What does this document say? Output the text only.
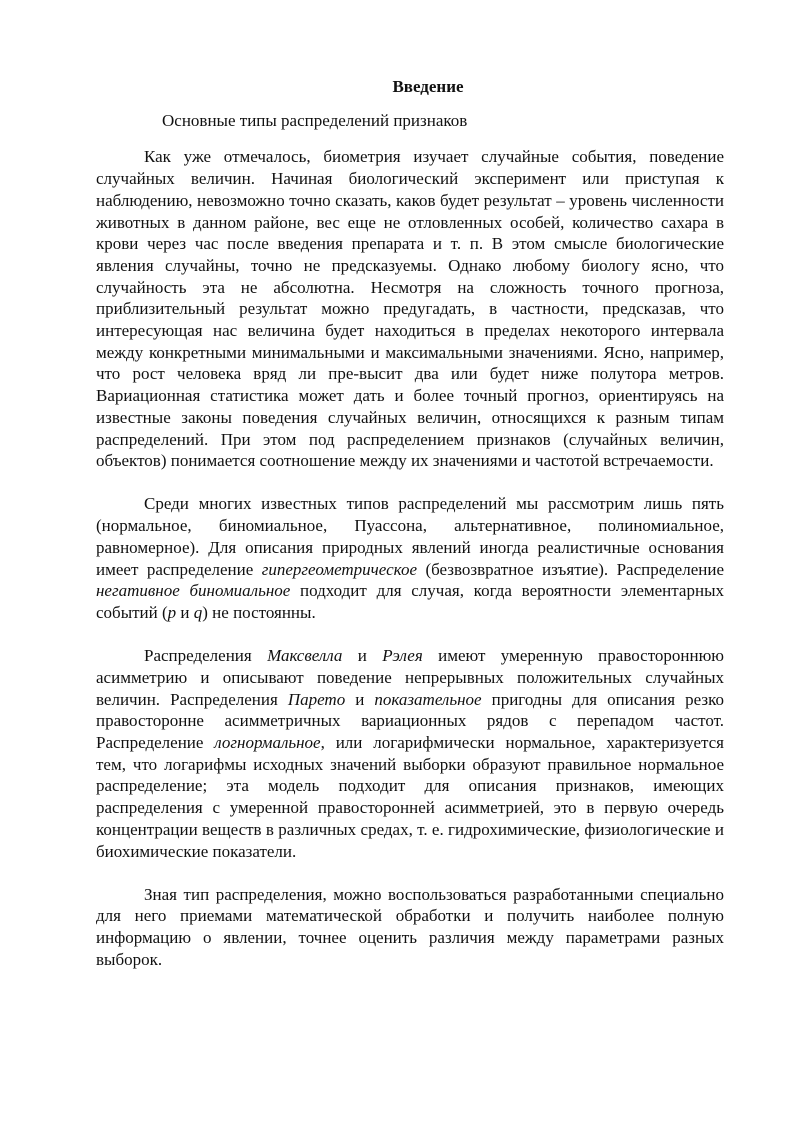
Введение
Основные типы распределений признаков

Как уже отмечалось, биометрия изучает случайные события, поведение случайных величин. Начиная биологический эксперимент или приступая к наблюдению, невозможно точно сказать, каков будет результат – уровень численности животных в данном районе, вес еще не отловленных особей, количество сахара в крови через час после введения препарата и т. п. В этом смысле биологические явления случайны, точно не предсказуемы. Однако любому биологу ясно, что случайность эта не абсолютна. Несмотря на сложность точного прогноза, приблизительный результат можно предугадать, в частности, предсказав, что интересующая нас величина будет находиться в пределах некоторого интервала между конкретными минимальными и максимальными значениями. Ясно, например, что рост человека вряд ли пре-высит два или будет ниже полутора метров. Вариационная статистика может дать и более точный прогноз, ориентируясь на известные законы поведения случайных величин, относящихся к разным типам распределений. При этом под распределением признаков (случайных величин, объектов) понимается соотношение между их значениями и частотой встречаемости.

Среди многих известных типов распределений мы рассмотрим лишь пять (нормальное, биномиальное, Пуассона, альтернативное, полиномиальное, равномерное). Для описания природных явлений иногда реалистичные основания имеет распределение гипергеометрическое (безвозвратное изъятие). Распределение негативное биномиальное подходит для случая, когда вероятности элементарных событий (p и q) не постоянны.

Распределения Максвелла и Рэлея имеют умеренную правостороннюю асимметрию и описывают поведение непрерывных положительных случайных величин. Распределения Парето и показательное пригодны для описания резко правосторонне асимметричных вариационных рядов с перепадом частот. Распределение логнормальное, или логарифмически нормальное, характеризуется тем, что логарифмы исходных значений выборки образуют правильное нормальное распределение; эта модель подходит для описания признаков, имеющих распределения с умеренной правосторонней асимметрией, это в первую очередь концентрации веществ в различных средах, т. е. гидрохимические, физиологические и биохимические показатели.

Зная тип распределения, можно воспользоваться разработанными специально для него приемами математической обработки и получить наиболее полную информацию о явлении, точнее оценить различия между параметрами разных выборок.
